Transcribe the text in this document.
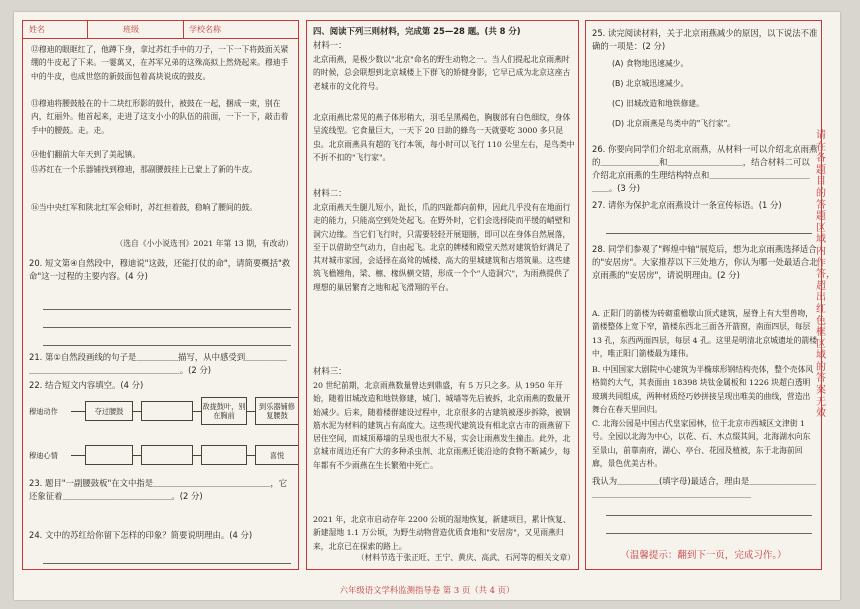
姓名	班级	学校名称

⑫穆迪的眼眶红了，他蹲下身，拿过苏红手中的刀子，一下一下将鼓面关紧绷的牛皮起了下来。一霎萬又，在苏军兄弟的这殊高拟上然烧起来。穆迪手中的牛皮，也成世悠的新鼓面包着高块说成的鼓皮。

⑬穆迪将腰鼓般在的十二块红形影的鼓什，被鼓在一起，捆成一束，别在内，红丽外。他首起来，走进了这支小小的队伍的前面，一下一下，敲击着手中的腰鼓。走。走。

⑭他们翻前大年天到了美起镇。

⑮苏红在一个乐器铺找到穆迪，那副腰鼓挂上已蒙上了新的牛皮。

⑯当中央红军和陕北红军会师时，苏红担着鼓，稳响了腰间的鼓。

（选自《小小说选刊》2021 年第 13 期，有改动）

20. 短文第④自然段中，穆迪说"这鼓，还能打仗的命"，请简要概括"救命"这一过程的主要内容。(4 分)

21. 第①自然段画线的句子是＿＿＿＿＿描写，从中感受到＿＿＿＿＿＿＿＿＿＿＿＿＿＿＿＿＿＿＿＿＿＿＿。(2 分)

22. 结合短文内容填空。(4 分)

穆迪动作
穆迪心情
夺过腰鼓	敌拢鼓叶，别在胸前
到乐器铺修复腰鼓
喜悦

23. 题目"一副腰鼓板"在文中指是＿＿＿＿＿＿＿＿＿＿＿＿＿＿，它还象征着＿＿＿＿＿＿＿＿＿＿＿＿＿。(2 分)

24. 文中的苏红给你留下怎样的印象？简要说明理由。(4 分)

四、阅读下列三则材料，完成第 25—28 题。(共 8 分)

材料一：

北京雨燕，是极少数以"北京"命名的野生动物之一。当人们提起北京雨燕时的时候，总会联想到北京城楼上下群飞的矫健身影，它早已成为北京这座古老城市的文化符号。

北京雨燕比常见的燕子体形稍大，羽毛呈黑褐色，胸腹部有白色细纹，身体呈流线型。它食量巨大，一天下 20 日助的蜂鸟一天就要吃 3000 多只昆虫。北京雨燕具有超的飞行本领，每小时可以飞行 110 公里左右，是鸟类中不折不扣的"飞行家"。

材料二：

北京雨燕天生腿儿短小，趾长，爪的四趾都向前伸，因此几乎没有在地面行走的能力，只能高空到处处起飞。在野外时，它们会选择陡而平缓的峭壁和洞穴边缘。当它们飞行时，只需要轻轻开展翅膀，即可以在身体自然展落，至于以借助空气动力，自由起飞。北京的牌楼和殿堂天然对建筑恰好满足了其对城市家园，会适择在高耸的城楼、高大的里城建筑和古塔筑巢。这些建筑飞檐翘角，梁、檩、椽纵横交错，形成一个个"人造洞穴"，为雨燕提供了理想的巢居繁育之地和起飞滑翔的平台。

材料三：

20 世纪前期，北京雨燕数量曾达到鼎盛，有 5 万只之多。从 1950 年开始，随着旧城改造和地铁修建，城门、城墙等先后被拆，北京雨燕的数量开始减少。后来，随着楼群建设过程中，北京很多的古建筑被逐步拆除，被钢筋水泥为材料的建筑占有高度大。这些现代建筑设有相北京古市的雨燕留下居住空间，而城顶幕墙的呈现也很大不易，实会让雨燕发生撞击。此外，北京城市周边还有广大的多种杀虫剂、北京雨燕迁徙沿途的食物不断减少，每年都有不少雨燕在生长繁殖中死亡。

2021 年，北京市启动存年 2200 公顷的湿地恢复，新建项目，累计恢复、新建湿地 1.1 万公顷，为野生动物营造优质食地和"安居房"，又见雨燕归来，北京已在探索的路上。

（材料节选于张正旺、王宁、黄庆、高武、石河等的相关文章）

25. 读完阅读材料，关于北京雨燕减少的原因，以下说法不准确的一项是：(2 分)

(A) 食物地迅速减少。

(B) 北京城迅速减少。

(C) 旧城改造和地铁修建。

(D) 北京雨燕是鸟类中的"飞行家"。

26. 你要向同学们介绍北京雨燕，从材料一可以介绍北京雨燕的＿＿＿＿＿＿＿和＿＿＿＿＿＿＿＿＿，结合材料二可以介绍北京雨燕的生理结构特点和＿＿＿＿＿＿＿＿＿＿＿＿＿＿。(3 分)

27. 请你为保护北京雨燕设计一条宣传标语。(1 分)

28. 同学们参观了"辉煌中轴"展览后，想为北京雨燕选择适合的"安居房"。大家推荐以下三处地方，你认为哪一处最适合北京雨燕的"安居房"，请说明理由。(2 分)

A. 正阳门的箭楼为砖砌重檐歇山顶式建筑，屋脊上有大型兽吻，箭楼整体上宽下窄，箭楼东西北三面各开箭窗，南面四层，每层 13 孔，东西两面四层，每层 4 孔。这里是明清北京城遗址的箭楼中，唯正阳门箭楼最为雄伟。

B. 中国国家大剧院中心建筑为半椭球形钢结构壳体，整个壳体风格简约大气，其表面由 18398 块钛金属板和 1226 块超白透明玻璃共同组成，两种材质经巧妙拼接呈现出唯美的曲线，营造出舞台在春天里回归。

C. 北海公园是中国古代皇家园林，位于北京市西城区文津街 1 号。全园以北海为中心，以花、石、木点缀其间，北海湖水向东至景山，前靠南府，湖心、亭台、花园及植被，东于北海前回廊，景色优美古朴。

我认为＿＿＿＿＿(填字母)最适合，理由是＿＿＿＿＿＿＿＿＿＿＿＿＿＿＿＿＿＿＿＿＿＿＿＿＿＿＿

（温馨提示：翻到下一页，完成习作。）
六年级语文学科监测指导卷 第 3 页（共 4 页）
请在各题目的答题区域内作答，超出红色框区域的答案无效
